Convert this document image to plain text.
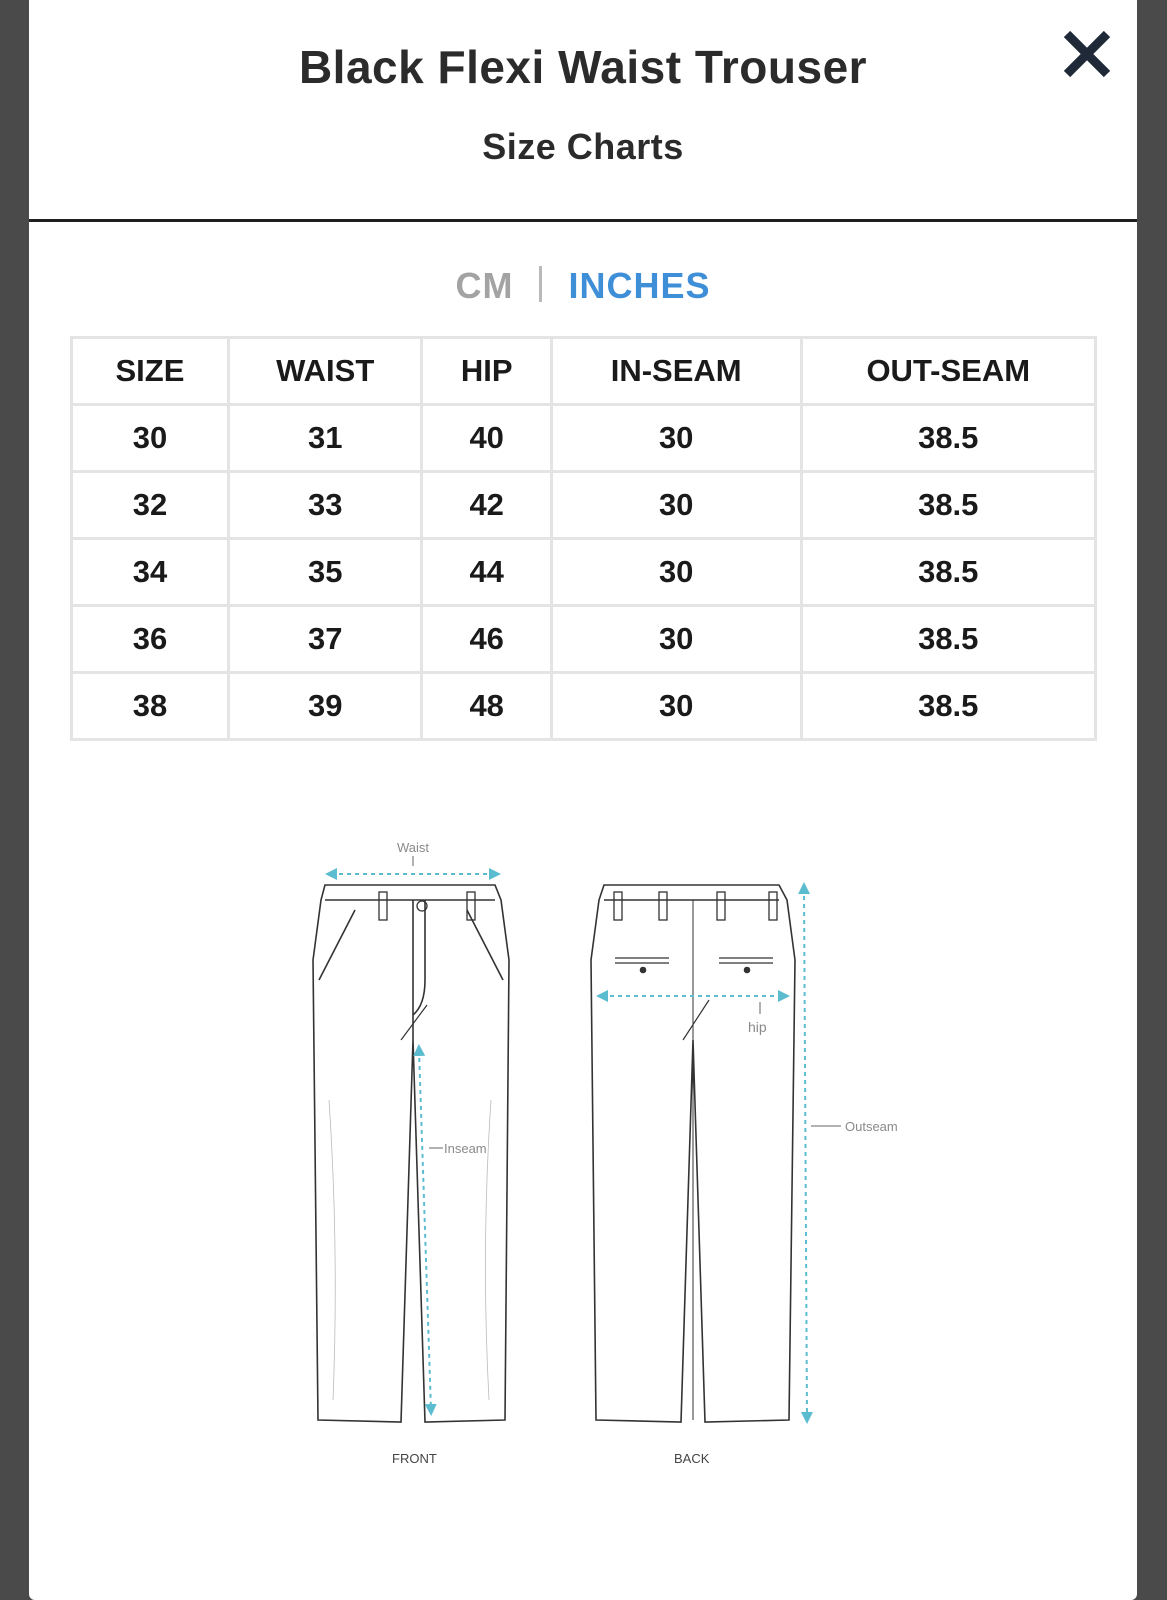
Black Flexi Waist Trouser
Size Charts
CM INCHES
SIZE	WAIST	HIP	IN-SEAM	OUT-SEAM
30	31	40	30	38.5
32	33	42	30	38.5
34	35	44	30	38.5
36	37	46	30	38.5
38	39	48	30	38.5
Waist
hip
Inseam
Outseam
FRONT	BACK
